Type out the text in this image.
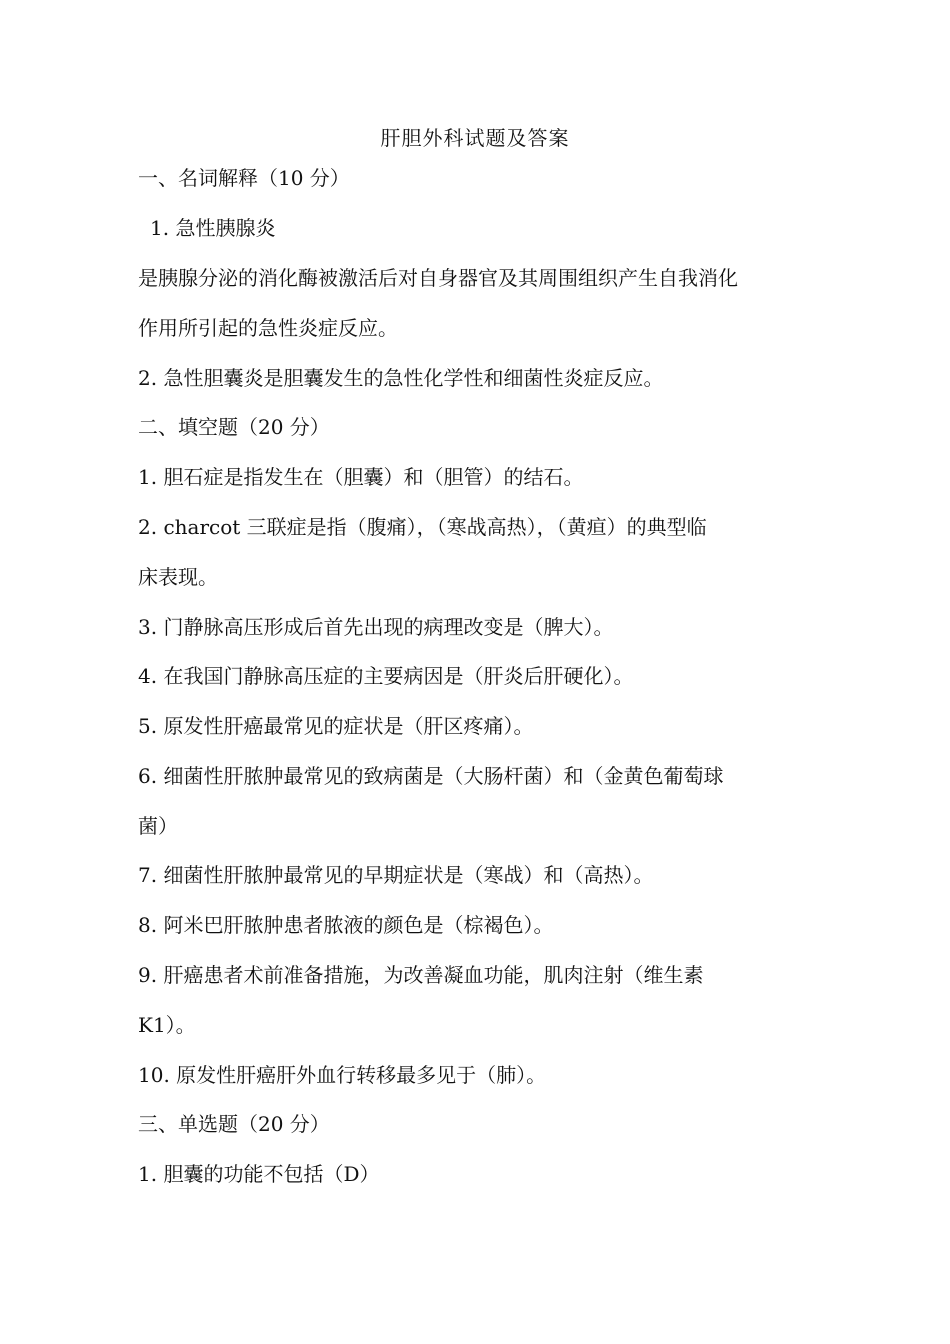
肝胆外科试题及答案
一、名词解释（10 分）
1. 急性胰腺炎
是胰腺分泌的消化酶被激活后对自身器官及其周围组织产生自我消化
作用所引起的急性炎症反应。
2. 急性胆囊炎是胆囊发生的急性化学性和细菌性炎症反应。
二、填空题（20 分）
1. 胆石症是指发生在（胆囊）和（胆管）的结石。
2. charcot 三联症是指（腹痛），（寒战高热），（黄疸）的典型临
床表现。
3. 门静脉高压形成后首先出现的病理改变是（脾大）。
4. 在我国门静脉高压症的主要病因是（肝炎后肝硬化）。
5. 原发性肝癌最常见的症状是（肝区疼痛）。
6. 细菌性肝脓肿最常见的致病菌是（大肠杆菌）和（金黄色葡萄球
菌）
7. 细菌性肝脓肿最常见的早期症状是（寒战）和（高热）。
8. 阿米巴肝脓肿患者脓液的颜色是（棕褐色）。
9. 肝癌患者术前准备措施，为改善凝血功能，肌肉注射（维生素
K1）。
10. 原发性肝癌肝外血行转移最多见于（肺）。
三、单选题（20 分）
1. 胆囊的功能不包括（D）
